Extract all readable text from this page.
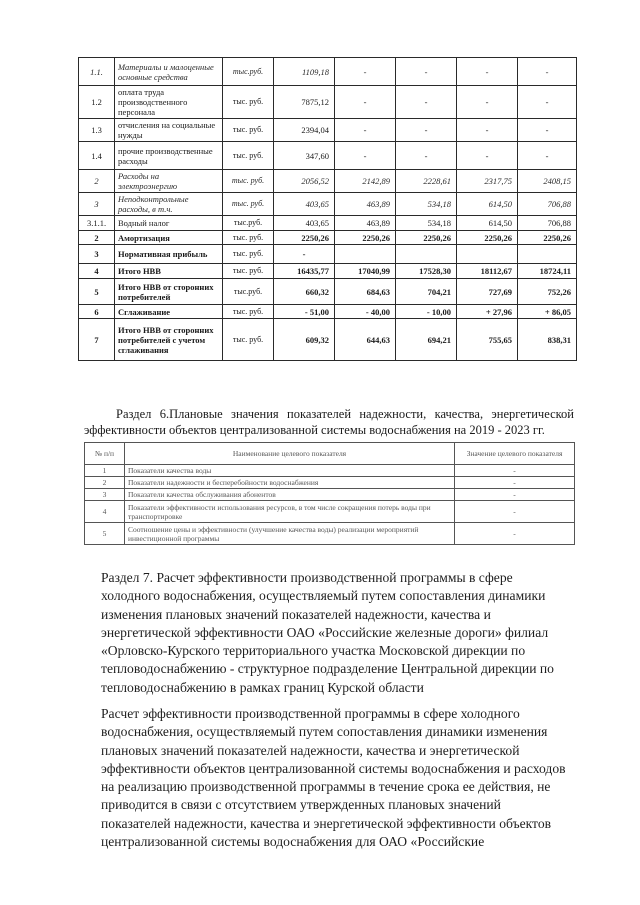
1.1.	Материалы и малоценные основные средства	тыс.руб.	1109,18	-	-	-	-
1.2	оплата труда производственного персонала	тыс. руб.	7875,12	-	-	-	-
1.3	отчисления на социальные нужды	тыс. руб.	2394,04	-	-	-	-
1.4	прочие производственные расходы	тыс. руб.	347,60	-	-	-	-
2	Расходы на электроэнергию	тыс. руб.	2056,52	2142,89	2228,61	2317,75	2408,15
3	Неподконтрольные расходы, в т.ч.	тыс. руб.	403,65	463,89	534,18	614,50	706,88
3.1.1.	Водный налог	тыс.руб.	403,65	463,89	534,18	614,50	706,88
2	Амортизация	тыс. руб.	2250,26	2250,26	2250,26	2250,26	2250,26
3	Нормативная прибыль	тыс. руб.	-				
4	Итого НВВ	тыс. руб.	16435,77	17040,99	17528,30	18112,67	18724,11
5	Итого НВВ от сторонних потребителей	тыс.руб.	660,32	684,63	704,21	727,69	752,26
6	Сглаживание	тыс. руб.	- 51,00	- 40,00	- 10,00	+ 27,96	+ 86,05
7	Итого НВВ от сторонних потребителей с учетом сглаживания	тыс. руб.	609,32	644,63	694,21	755,65	838,31
Раздел 6.Плановые значения показателей надежности, качества, энергетической эффективности объектов централизованной системы водоснабжения на 2019 - 2023 гг.
№ п/п	Наименование целевого показателя	Значение целевого показателя
1	Показатели качества воды	-
2	Показатели надежности и бесперебойности водоснабжения	-
3	Показатели качества обслуживания абонентов	-
4	Показатели эффективности использования ресурсов, в том числе сокращения потерь воды при транспортировке	-
5	Соотношение цены и эффективности (улучшение качества воды) реализации мероприятий инвестиционной программы	-
Раздел 7. Расчет эффективности производственной программы в сфере холодного водоснабжения, осуществляемый путем сопоставления динамики изменения плановых значений показателей надежности, качества и энергетической эффективности ОАО «Российские железные дороги» филиал «Орловско-Курского территориального участка Московской дирекции по тепловодоснабжению - структурное подразделение Центральной дирекции по тепловодоснабжению в рамках границ Курской области
Расчет эффективности производственной программы в сфере холодного водоснабжения, осуществляемый путем сопоставления динамики изменения плановых значений показателей надежности, качества и энергетической эффективности объектов централизованной системы водоснабжения и расходов на реализацию производственной программы в течение срока ее действия, не приводится в связи с отсутствием утвержденных плановых значений показателей надежности, качества и энергетической эффективности объектов централизованной системы водоснабжения для ОАО «Российские
